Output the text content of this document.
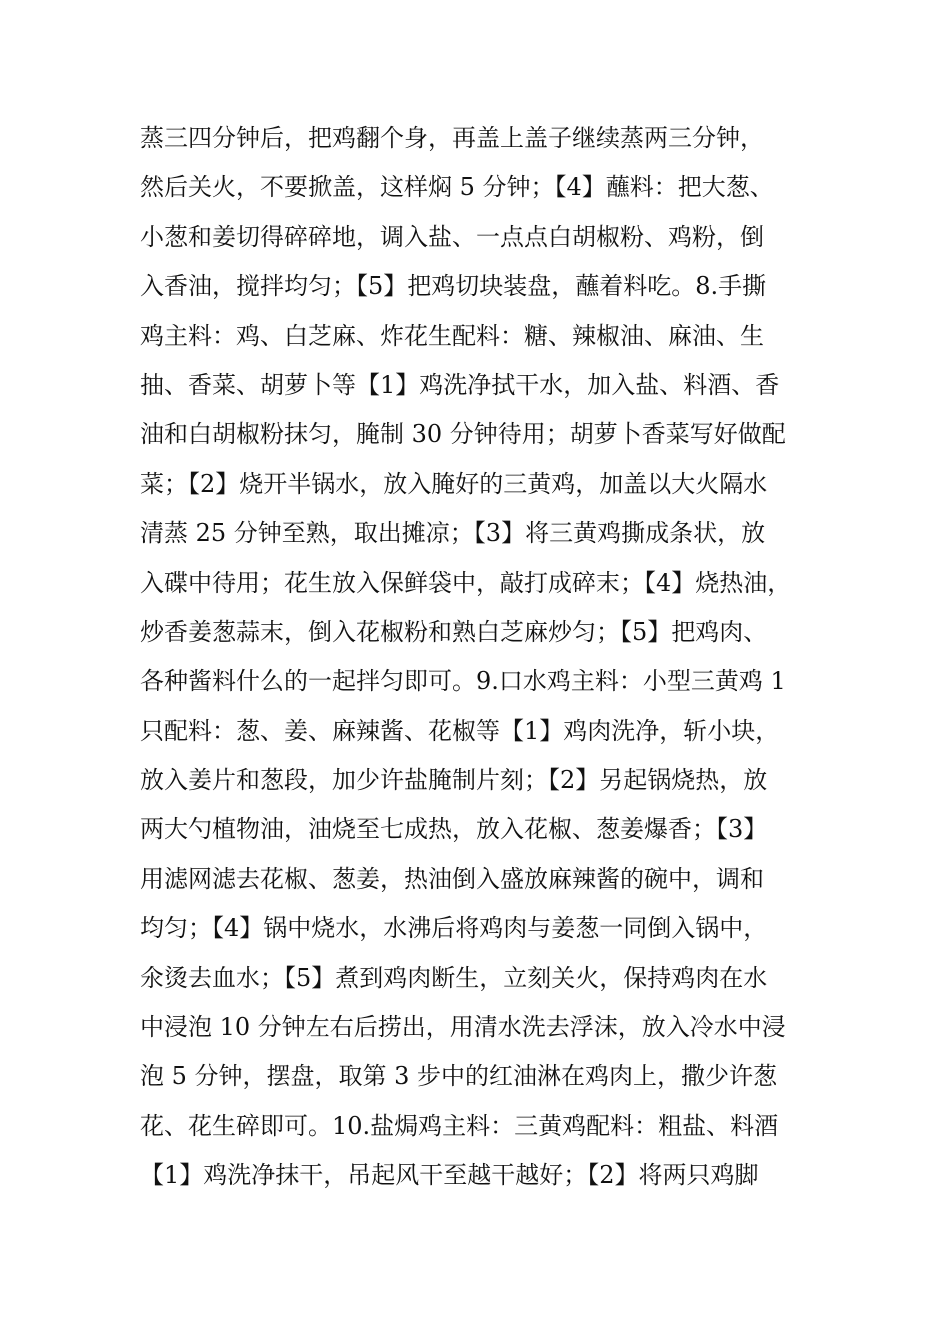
蒸三四分钟后，把鸡翻个身，再盖上盖子继续蒸两三分钟，
然后关火，不要掀盖，这样焖 5 分钟；【4】蘸料：把大葱、
小葱和姜切得碎碎地，调入盐、一点点白胡椒粉、鸡粉，倒
入香油，搅拌均匀；【5】把鸡切块装盘，蘸着料吃。8.手撕
鸡主料：鸡、白芝麻、炸花生配料：糖、辣椒油、麻油、生
抽、香菜、胡萝卜等【1】鸡洗净拭干水，加入盐、料酒、香
油和白胡椒粉抹匀，腌制 30 分钟待用；胡萝卜香菜写好做配
菜；【2】烧开半锅水，放入腌好的三黄鸡，加盖以大火隔水
清蒸 25 分钟至熟，取出摊凉；【3】将三黄鸡撕成条状，放
入碟中待用；花生放入保鲜袋中，敲打成碎末；【4】烧热油，
炒香姜葱蒜末，倒入花椒粉和熟白芝麻炒匀；【5】把鸡肉、
各种酱料什么的一起拌匀即可。9.口水鸡主料：小型三黄鸡 1
只配料：葱、姜、麻辣酱、花椒等【1】鸡肉洗净，斩小块，
放入姜片和葱段，加少许盐腌制片刻；【2】另起锅烧热，放
两大勺植物油，油烧至七成热，放入花椒、葱姜爆香；【3】
用滤网滤去花椒、葱姜，热油倒入盛放麻辣酱的碗中，调和
均匀；【4】锅中烧水，水沸后将鸡肉与姜葱一同倒入锅中，
氽烫去血水；【5】煮到鸡肉断生，立刻关火，保持鸡肉在水
中浸泡 10 分钟左右后捞出，用清水洗去浮沫，放入冷水中浸
泡 5 分钟，摆盘，取第 3 步中的红油淋在鸡肉上，撒少许葱
花、花生碎即可。10.盐焗鸡主料：三黄鸡配料：粗盐、料酒
【1】鸡洗净抹干，吊起风干至越干越好；【2】将两只鸡脚
